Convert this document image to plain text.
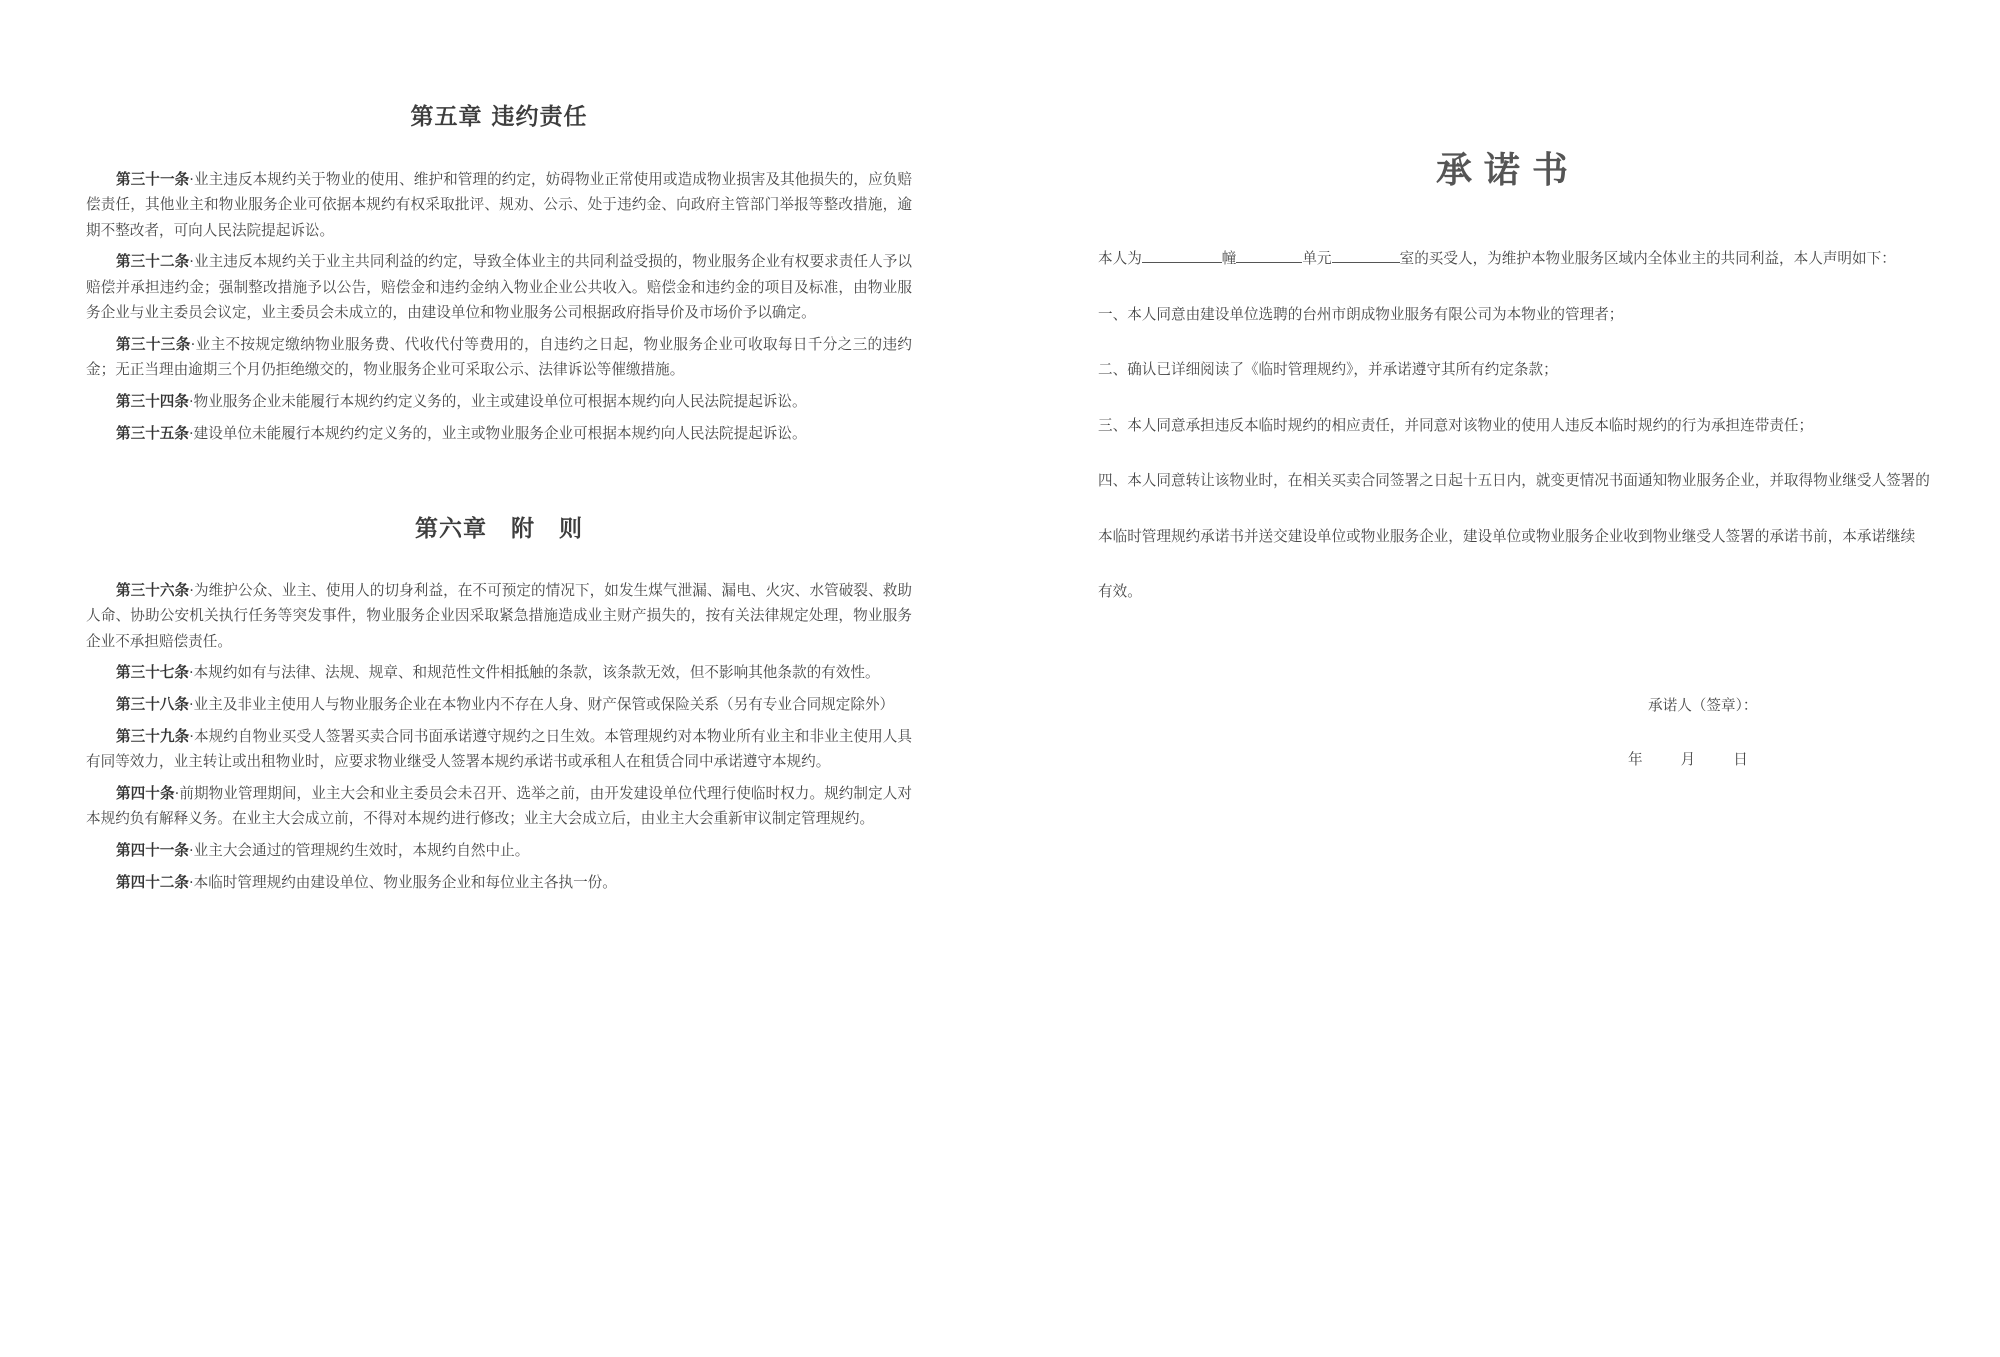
第五章 违约责任

第三十一条·业主违反本规约关于物业的使用、维护和管理的约定，妨碍物业正常使用或造成物业损害及其他损失的，应负赔偿责任，其他业主和物业服务企业可依据本规约有权采取批评、规劝、公示、处于违约金、向政府主管部门举报等整改措施，逾期不整改者，可向人民法院提起诉讼。

第三十二条·业主违反本规约关于业主共同利益的约定，导致全体业主的共同利益受损的，物业服务企业有权要求责任人予以赔偿并承担违约金；强制整改措施予以公告，赔偿金和违约金纳入物业企业公共收入。赔偿金和违约金的项目及标准，由物业服务企业与业主委员会议定，业主委员会未成立的，由建设单位和物业服务公司根据政府指导价及市场价予以确定。

第三十三条·业主不按规定缴纳物业服务费、代收代付等费用的，自违约之日起，物业服务企业可收取每日千分之三的违约金；无正当理由逾期三个月仍拒绝缴交的，物业服务企业可采取公示、法律诉讼等催缴措施。

第三十四条·物业服务企业未能履行本规约约定义务的，业主或建设单位可根据本规约向人民法院提起诉讼。

第三十五条·建设单位未能履行本规约约定义务的，业主或物业服务企业可根据本规约向人民法院提起诉讼。

第六章　附　则

第三十六条·为维护公众、业主、使用人的切身利益，在不可预定的情况下，如发生煤气泄漏、漏电、火灾、水管破裂、救助人命、协助公安机关执行任务等突发事件，物业服务企业因采取紧急措施造成业主财产损失的，按有关法律规定处理，物业服务企业不承担赔偿责任。

第三十七条·本规约如有与法律、法规、规章、和规范性文件相抵触的条款，该条款无效，但不影响其他条款的有效性。

第三十八条·业主及非业主使用人与物业服务企业在本物业内不存在人身、财产保管或保险关系（另有专业合同规定除外）

第三十九条·本规约自物业买受人签署买卖合同书面承诺遵守规约之日生效。本管理规约对本物业所有业主和非业主使用人具有同等效力，业主转让或出租物业时，应要求物业继受人签署本规约承诺书或承租人在租赁合同中承诺遵守本规约。

第四十条·前期物业管理期间，业主大会和业主委员会未召开、选举之前，由开发建设单位代理行使临时权力。规约制定人对本规约负有解释义务。在业主大会成立前，不得对本规约进行修改；业主大会成立后，由业主大会重新审议制定管理规约。

第四十一条·业主大会通过的管理规约生效时，本规约自然中止。

第四十二条·本临时管理规约由建设单位、物业服务企业和每位业主各执一份。

承诺书
本人为	幢	单元	室的买受人，为维护本物业服务区域内全体业主的共同利益，本人声明如下：
一、本人同意由建设单位选聘的台州市朗成物业服务有限公司为本物业的管理者；
二、确认已详细阅读了《临时管理规约》，并承诺遵守其所有约定条款；
三、本人同意承担违反本临时规约的相应责任，并同意对该物业的使用人违反本临时规约的行为承担连带责任；
四、本人同意转让该物业时，在相关买卖合同签署之日起十五日内，就变更情况书面通知物业服务企业，并取得物业继受人签署的
本临时管理规约承诺书并送交建设单位或物业服务企业，建设单位或物业服务企业收到物业继受人签署的承诺书前，本承诺继续
有效。
承诺人（签章）：
年	月	日
